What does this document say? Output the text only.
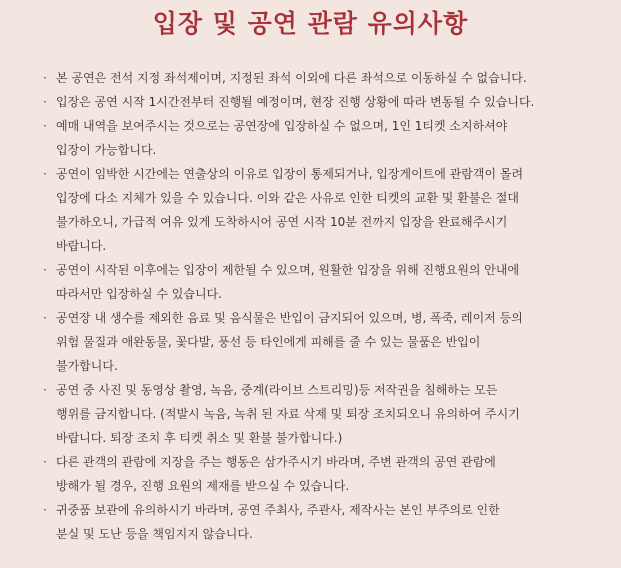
입장 및 공연 관람 유의사항
· 본 공연은 전석 지정 좌석제이며, 지정된 좌석 이외에 다른 좌석으로 이동하실 수 없습니다.
· 입장은 공연 시작 1시간전부터 진행될 예정이며, 현장 진행 상황에 따라 변동될 수 있습니다.
· 예매 내역을 보여주시는 것으로는 공연장에 입장하실 수 없으며, 1인 1티켓 소지하셔야
입장이 가능합니다.
· 공연이 임박한 시간에는 연출상의 이유로 입장이 통제되거나, 입장게이트에 관람객이 몰려
입장에 다소 지체가 있을 수 있습니다. 이와 같은 사유로 인한 티켓의 교환 및 환불은 절대
불가하오니, 가급적 여유 있게 도착하시어 공연 시작 10분 전까지 입장을 완료해주시기
바랍니다.
· 공연이 시작된 이후에는 입장이 제한될 수 있으며, 원활한 입장을 위해 진행요원의 안내에
따라서만 입장하실 수 있습니다.
· 공연장 내 생수를 제외한 음료 및 음식물은 반입이 금지되어 있으며, 병, 폭죽, 레이저 등의
위험 물질과 애완동물, 꽃다발, 풍선 등 타인에게 피해를 줄 수 있는 물품은 반입이
불가합니다.
· 공연 중 사진 및 동영상 촬영, 녹음, 중계(라이브 스트리밍)등 저작권을 침해하는 모든
행위를 금지합니다. (적발시 녹음, 녹취 된 자료 삭제 및 퇴장 조치되오니 유의하여 주시기
바랍니다. 퇴장 조치 후 티켓 취소 및 환불 불가합니다.)
· 다른 관객의 관람에 지장을 주는 행동은 삼가주시기 바라며, 주변 관객의 공연 관람에
방해가 될 경우, 진행 요원의 제재를 받으실 수 있습니다.
· 귀중품 보관에 유의하시기 바라며, 공연 주최사, 주관사, 제작사는 본인 부주의로 인한
분실 및 도난 등을 책임지지 않습니다.
